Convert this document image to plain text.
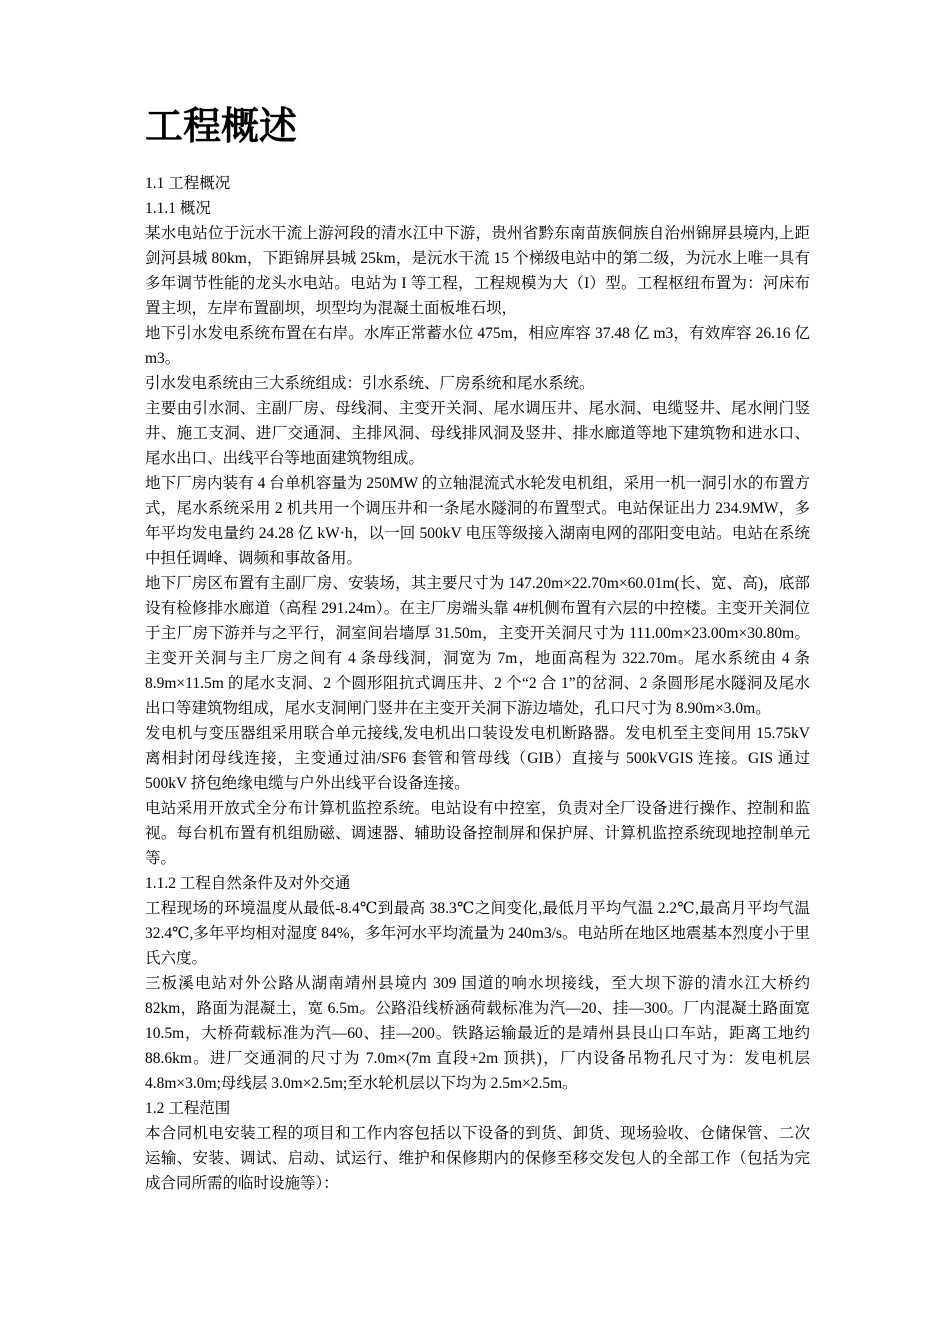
工程概述

1.1 工程概况

1.1.1 概况

某水电站位于沅水干流上游河段的清水江中下游，贵州省黔东南苗族侗族自治州锦屏县境内,上距剑河县城 80km，下距锦屏县城 25km，是沅水干流 15 个梯级电站中的第二级，为沅水上唯一具有多年调节性能的龙头水电站。电站为 I 等工程，工程规模为大（I）型。工程枢纽布置为：河床布置主坝，左岸布置副坝，坝型均为混凝土面板堆石坝，

地下引水发电系统布置在右岸。水库正常蓄水位 475m，相应库容 37.48 亿 m3，有效库容 26.16 亿 m3。

引水发电系统由三大系统组成：引水系统、厂房系统和尾水系统。

主要由引水洞、主副厂房、母线洞、主变开关洞、尾水调压井、尾水洞、电缆竖井、尾水闸门竖井、施工支洞、进厂交通洞、主排风洞、母线排风洞及竖井、排水廊道等地下建筑物和进水口、尾水出口、出线平台等地面建筑物组成。

地下厂房内装有 4 台单机容量为 250MW 的立轴混流式水轮发电机组，采用一机一洞引水的布置方式，尾水系统采用 2 机共用一个调压井和一条尾水隧洞的布置型式。电站保证出力 234.9MW，多年平均发电量约 24.28 亿 kW·h，以一回 500kV 电压等级接入湖南电网的邵阳变电站。电站在系统中担任调峰、调频和事故备用。

地下厂房区布置有主副厂房、安装场，其主要尺寸为 147.20m×22.70m×60.01m(长、宽、高)，底部设有检修排水廊道（高程 291.24m）。在主厂房端头靠 4#机侧布置有六层的中控楼。主变开关洞位于主厂房下游并与之平行，洞室间岩墙厚 31.50m，主变开关洞尺寸为 111.00m×23.00m×30.80m。主变开关洞与主厂房之间有 4 条母线洞，洞宽为 7m，地面高程为 322.70m。尾水系统由 4 条 8.9m×11.5m 的尾水支洞、2 个圆形阻抗式调压井、2 个“2 合 1”的岔洞、2 条圆形尾水隧洞及尾水出口等建筑物组成，尾水支洞闸门竖井在主变开关洞下游边墙处，孔口尺寸为 8.90m×3.0m。

发电机与变压器组采用联合单元接线,发电机出口装设发电机断路器。发电机至主变间用 15.75kV 离相封闭母线连接，主变通过油/SF6 套管和管母线（GIB）直接与 500kVGIS 连接。GIS 通过 500kV 挤包绝缘电缆与户外出线平台设备连接。

电站采用开放式全分布计算机监控系统。电站设有中控室，负责对全厂设备进行操作、控制和监视。每台机布置有机组励磁、调速器、辅助设备控制屏和保护屏、计算机监控系统现地控制单元等。

1.1.2 工程自然条件及对外交通

工程现场的环境温度从最低-8.4℃到最高 38.3℃之间变化,最低月平均气温 2.2℃,最高月平均气温 32.4℃,多年平均相对湿度 84%，多年河水平均流量为 240m3/s。电站所在地区地震基本烈度小于里氏六度。

三板溪电站对外公路从湖南靖州县境内 309 国道的响水坝接线，至大坝下游的清水江大桥约 82km，路面为混凝土，宽 6.5m。公路沿线桥涵荷载标准为汽—20、挂—300。厂内混凝土路面宽 10.5m，大桥荷载标准为汽—60、挂—200。铁路运输最近的是靖州县艮山口车站，距离工地约 88.6km。进厂交通洞的尺寸为 7.0m×(7m 直段+2m 顶拱)，厂内设备吊物孔尺寸为：发电机层 4.8m×3.0m;母线层 3.0m×2.5m;至水轮机层以下均为 2.5m×2.5m。

1.2 工程范围

本合同机电安装工程的项目和工作内容包括以下设备的到货、卸货、现场验收、仓储保管、二次运输、安装、调试、启动、试运行、维护和保修期内的保修至移交发包人的全部工作（包括为完成合同所需的临时设施等）：
